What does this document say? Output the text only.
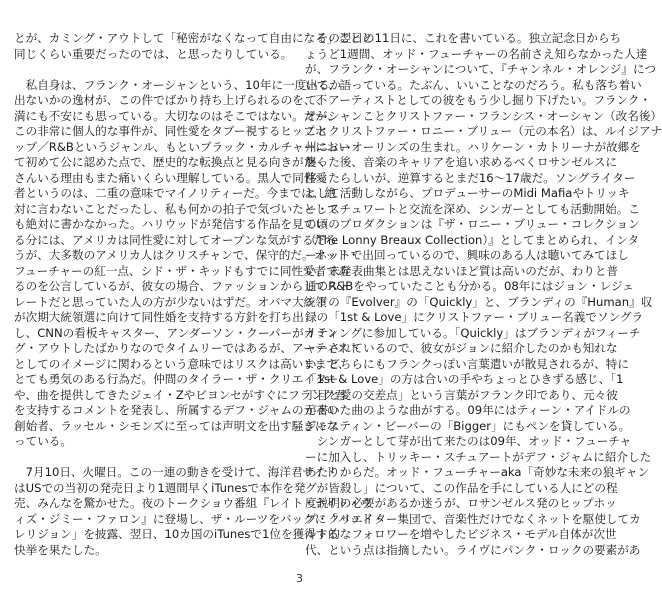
とが、カミング・アウトして「秘密がなくなって自由になる」ことと
同じくらい重要だったのでは、と思ったりしている。
　私自身は、フランク・オーシャンという、10年に一度出るか
出ないかの逸材が、この件でばかり持ち上げられるのを、不
満にも不安にも思っている。大切なのはそこではない。だが、
この非常に個人的な事件が、同性愛をタブー視するヒップホ
ップ／R&Bというジャンル、もといブラック・カルチャーにおい
て初めて公に認めた点で、歴史的な転換点と見る向きがたく
さんいる理由もまた痛いくらい理解している。黒人で同性愛
者というのは、二重の意味でマイノリティーだ。今までは、絶
対に言わないことだったし、私も何かの拍子で気づいたとして
も絶対に書かなかった。ハリウッドが発信する作品を見てい
る分には、アメリカは同性愛に対してオープンな気がするだろ
うが、大多数のアメリカ人はクリスチャンで、保守的だ。オッド・
フューチャーの紅一点、シド・ザ・キッドもすでに同性愛者であ
るのを公言しているが、彼女の場合、ファッションからしてスト
レートだと思っていた人の方が少ないはずだ。オバマ大統領
が次期大統領選に向けて同性婚を支持する方針を打ち出
し、CNNの看板キャスター、アンダーソン・クーパーがカミン
グ・アウトしたばかりなのでタイムリーではあるが、アーティスト
としてのイメージに関わるという意味ではリスクは高いままで、
とても勇気のある行為だ。仲間のタイラー・ザ・クリエイター
や、曲を提供してきたジェイ・Zやビヨンセがすぐにフランク君
を支持するコメントを発表し、所属するデフ・ジャムの元々の
創始者、ラッセル・シモンズに至っては声明文を出す騒ぎにな
っている。
　7月10日、火曜日。この一連の動きを受けて、海洋君サイド
はUSでの当初の発売日より1週間早くiTunesで本作を発
売、みんなを驚かせた。夜のトークショウ番組『レイト・ナイト・ウ
ィズ・ジミー・ファロン』に登場し、ザ・ルーツをバックに「バッド・
レリジョン」を披露、翌日、10カ国のiTunesで1位を獲得する
快挙を果たした。
　その翌日の11日に、これを書いている。独立記念日からち
ょうど1週間、オッド・フューチャーの名前さえ知らなかった人達
が、フランク・オーシャンについて、『チャンネル・オレンジ』につ
いて、語っている。たぶん、いいことなのだろう。私も落ち着い
て、アーティストとしての彼をもう少し掘り下げたい。フランク・
オーシャンことクリストファー・フランシス・オーシャン（改名後）
ことクリストファー・ロニー・ブリュー（元の本名）は、ルイジアナ
州ニューオーリンズの生まれ。ハリケーン・カトリーナが故郷を
襲った後、音楽のキャリアを追い求めるべくロサンゼルスに
移ったらしいが、逆算するとまだ16〜17歳だ。ソングライター
として活動しながら、プロデューサーのMidi Mafiaやトリッキ
ー・スチュワートと交流を深め、シンガーとしても活動開始。こ
の頃のプロダクションは『ザ・ロニー・ブリュー・コレクション
（The Lonny Breaux Collection）』としてまとめられ、インタ
ーネットで出回っているので、興味のある人は聴いてみてほし
い。未発表曲集とは思えないほど質は高いのだが、わりと普
通のR&Bをやっていたことも分かる。08年にはジョン・レジェ
ンドの『Evolver』の「Quickly」と、ブランディの『Human』収
録の「1st & Love」にクリストファー・ブリュー名義でソングラ
イティングに参加している。「Quickly」はブランディがフィーチ
ャーされているので、彼女がジョンに紹介したのかも知れな
い。どちらにもフランクっぽい言葉遣いが散見されるが、特に
「1st & Love」の方は合いの手やちょっとひきずる感じ、「1
丁目と愛の交差点」という言葉がフランク印であり、元々彼
が書いた曲のような曲がする。09年にはティーン・アイドルの
ジャスティン・ビーバーの「Bigger」にもペンを貸している。
　シンガーとして芽が出て来たのは09年、オッド・フューチャ
ーに加入し、トリッキー・スチュアートがデフ・ジャムに紹介した
あたりからだ。オッド・フューチャーaka「奇妙な未来の狼ギャン
グが皆殺し」について、この作品を手にしている人にどの程
度説明の必要があるか迷うが、ロサンゼルス発のヒップホッ
プ・クリエイター集団で、音楽性だけでなくネットを駆使してカ
ルト的なフォロワーを増やしたビジネス・モデル自体が次世
代、という点は指摘したい。ライヴにパンク・ロックの要素があ
3
